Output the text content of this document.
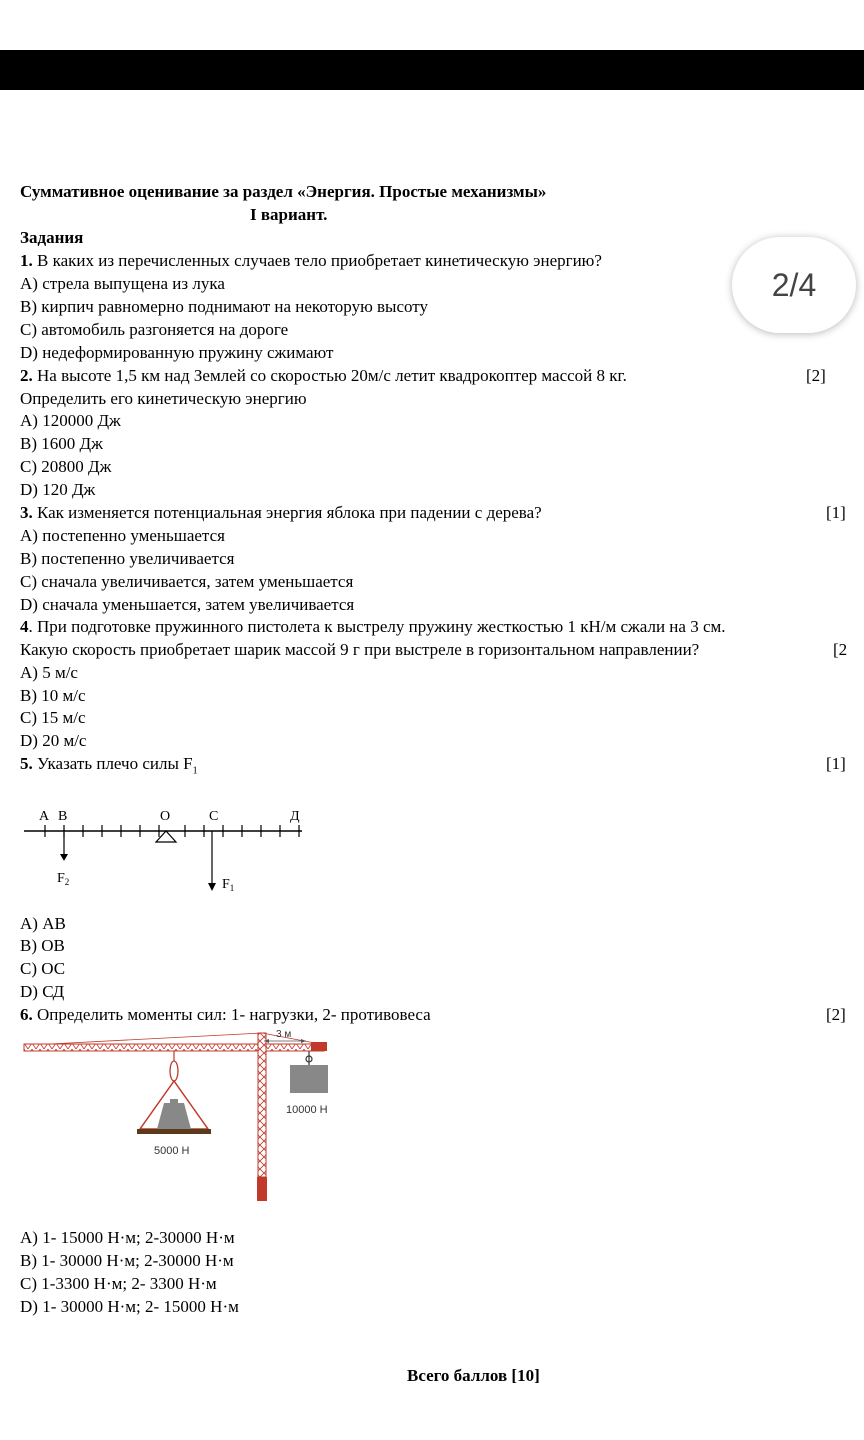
2/4
Суммативное оценивание за раздел «Энергия. Простые механизмы»
I вариант.
Задания
1. В каких из перечисленных случаев тело приобретает кинетическую энергию?
A) стрела выпущена из лука
B) кирпич равномерно поднимают на некоторую высоту
C) автомобиль разгоняется на дороге
D) недеформированную пружину сжимают
2. На высоте 1,5 км над Землей со скоростью 20м/с летит квадрокоптер массой 8 кг.	[2]
Определить его кинетическую энергию
A) 120000 Дж
B) 1600 Дж
C) 20800 Дж
D) 120 Дж
3. Как изменяется потенциальная энергия яблока при падении с дерева?	[1]
A) постепенно уменьшается
B) постепенно увеличивается
C) сначала увеличивается, затем уменьшается
D) сначала уменьшается, затем увеличивается
4. При подготовке пружинного пистолета к выстрелу пружину жесткостью 1 кН/м сжали на 3 см.
Какую скорость приобретает шарик массой 9 г при выстреле в горизонтальном направлении?	[2
A) 5 м/с
B) 10 м/с
C) 15 м/с
D) 20 м/с
5. Указать плечо силы $F_1$	[1]
А В	О	С	Д
$F_2$	$F_1$
A) АВ
B) ОВ
C) ОС
D) СД
6. Определить моменты сил: 1- нагрузки, 2- противовеса	[2]
3 м
10000 Н
5000 Н
A) 1- 15000 Н·м; 2-30000 Н·м
B) 1- 30000 Н·м; 2-30000 Н·м
C) 1-3300 Н·м; 2- 3300 Н·м
D) 1- 30000 Н·м; 2- 15000 Н·м
Всего баллов [10]
